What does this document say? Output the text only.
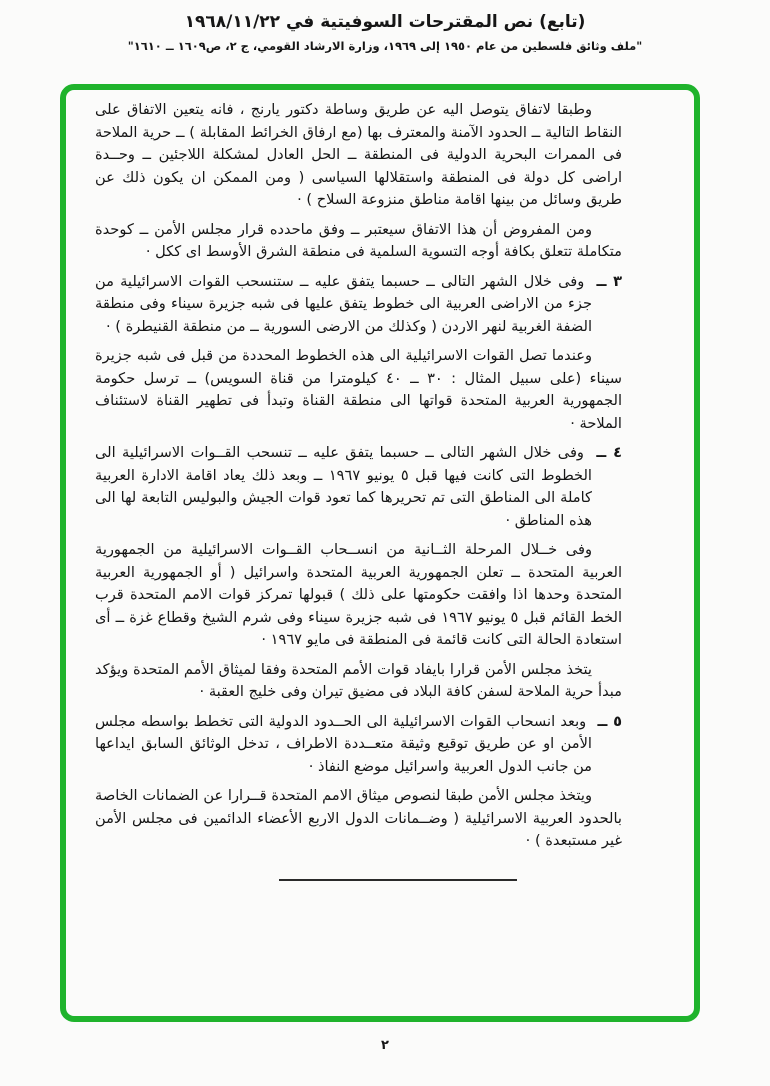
(تابع) نص المقترحات السوفيتية في ١٩٦٨/١١/٢٢
"ملف وثائق فلسطين من عام ١٩٥٠ إلى ١٩٦٩، وزارة الارشاد القومي، ج ٢، ص١٦٠٩ ــ ١٦١٠"

وطبقا لاتفاق يتوصل اليه عن طريق وساطة دكتور يارنج ، فانه يتعين الاتفاق على النقاط التالية ــ الحدود الآمنة والمعترف بها (مع ارفاق الخرائط المقابلة ) ــ حرية الملاحة فى الممرات البحرية الدولية فى المنطقة ــ الحل العادل لمشكلة اللاجئين ــ وحــدة اراضى كل دولة فى المنطقة واستقلالها السياسى ( ومن الممكن ان يكون ذلك عن طريق وسائل من بينها اقامة مناطق منزوعة السلاح ) ·

ومن المفروض أن هذا الاتفاق سيعتبر ــ وفق ماحدده قرار مجلس الأمن ــ كوحدة متكاملة تتعلق بكافة أوجه التسوية السلمية فى منطقة الشرق الأوسط اى ككل ·

٣ ــ وفى خلال الشهر التالى ــ حسبما يتفق عليه ــ ستنسحب القوات الاسرائيلية من جزء من الاراضى العربية الى خطوط يتفق عليها فى شبه جزيرة سيناء وفى منطقة الضفة الغربية لنهر الاردن ( وكذلك من الارضى السورية ــ من منطقة القنيطرة ) ·

وعندما تصل القوات الاسرائيلية الى هذه الخطوط المحددة من قبل فى شبه جزيرة سيناء (على سبيل المثال : ٣٠ ــ ٤٠ كيلومترا من قناة السويس) ــ ترسل حكومة الجمهورية العربية المتحدة قواتها الى منطقة القناة وتبدأ فى تطهير القناة لاستئناف الملاحة ·

٤ ــ وفى خلال الشهر التالى ــ حسبما يتفق عليه ــ تنسحب القــوات الاسرائيلية الى الخطوط التى كانت فيها قبل ٥ يونيو ١٩٦٧ ــ وبعد ذلك يعاد اقامة الادارة العربية كاملة الى المناطق التى تم تحريرها كما تعود قوات الجيش والبوليس التابعة لها الى هذه المناطق ·

وفى خــلال المرحلة الثــانية من انســحاب القــوات الاسرائيلية من الجمهورية العربية المتحدة ــ تعلن الجمهورية العربية المتحدة واسرائيل ( أو الجمهورية العربية المتحدة وحدها اذا وافقت حكومتها على ذلك ) قبولها تمركز قوات الامم المتحدة قرب الخط القائم قبل ٥ يونيو ١٩٦٧ فى شبه جزيرة سيناء وفى شرم الشيخ وقطاع غزة ــ أى استعادة الحالة التى كانت قائمة فى المنطقة فى مايو ١٩٦٧ ·

يتخذ مجلس الأمن قرارا بايفاد قوات الأمم المتحدة وفقا لميثاق الأمم المتحدة ويؤكد مبدأ حرية الملاحة لسفن كافة البلاد فى مضيق تيران وفى خليج العقبة ·

٥ ــ وبعد انسحاب القوات الاسرائيلية الى الحــدود الدولية التى تخطط بواسطه مجلس الأمن او عن طريق توقيع وثيقة متعــددة الاطراف ، تدخل الوثائق السابق ايداعها من جانب الدول العربية واسرائيل موضع النفاذ ·

ويتخذ مجلس الأمن طبقا لنصوص ميثاق الامم المتحدة قــرارا عن الضمانات الخاصة بالحدود العربية الاسرائيلية ( وضــمانات الدول الاربع الأعضاء الدائمين فى مجلس الأمن غير مستبعدة ) ·

٢
